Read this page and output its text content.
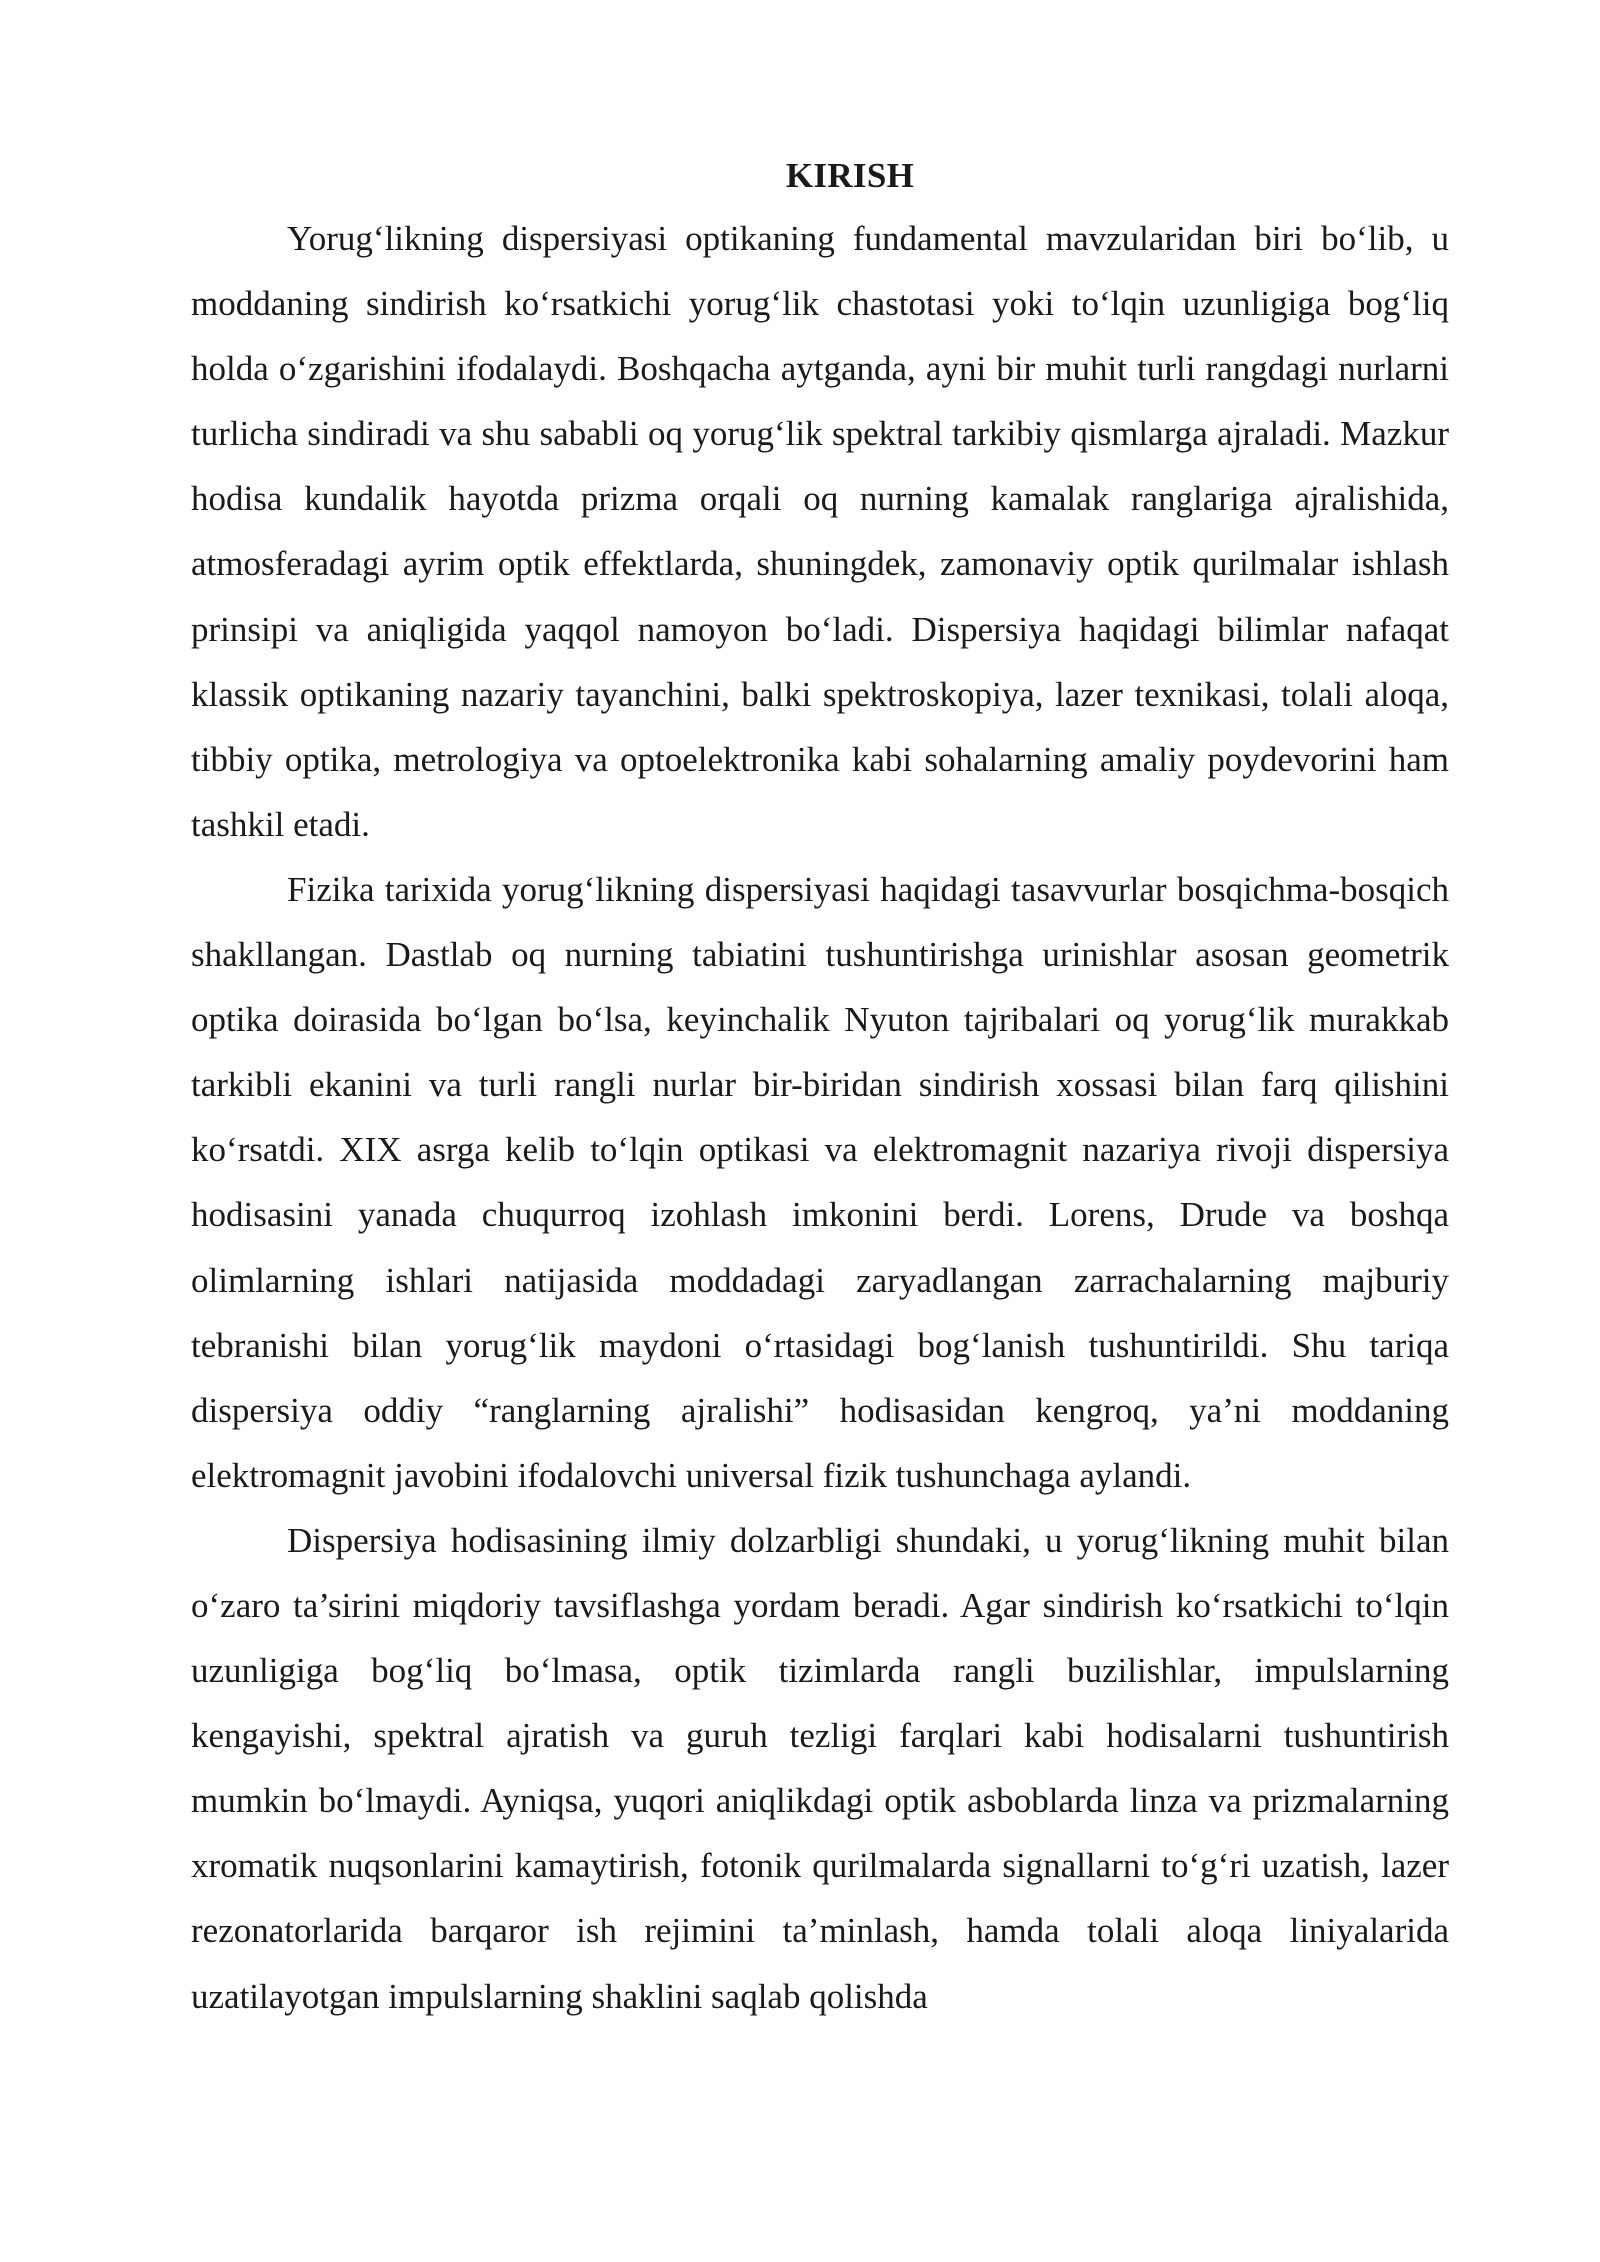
KIRISH

Yorug‘likning dispersiyasi optikaning fundamental mavzularidan biri bo‘lib, u moddaning sindirish ko‘rsatkichi yorug‘lik chastotasi yoki to‘lqin uzunligiga bog‘liq holda o‘zgarishini ifodalaydi. Boshqacha aytganda, ayni bir muhit turli rangdagi nurlarni turlicha sindiradi va shu sababli oq yorug‘lik spektral tarkibiy qismlarga ajraladi. Mazkur hodisa kundalik hayotda prizma orqali oq nurning kamalak ranglariga ajralishida, atmosferadagi ayrim optik effektlarda, shuningdek, zamonaviy optik qurilmalar ishlash prinsipi va aniqligida yaqqol namoyon bo‘ladi. Dispersiya haqidagi bilimlar nafaqat klassik optikaning nazariy tayanchini, balki spektroskopiya, lazer texnikasi, tolali aloqa, tibbiy optika, metrologiya va optoelektronika kabi sohalarning amaliy poydevorini ham tashkil etadi.

Fizika tarixida yorug‘likning dispersiyasi haqidagi tasavvurlar bosqichma-bosqich shakllangan. Dastlab oq nurning tabiatini tushuntirishga urinishlar asosan geometrik optika doirasida bo‘lgan bo‘lsa, keyinchalik Nyuton tajribalari oq yorug‘lik murakkab tarkibli ekanini va turli rangli nurlar bir-biridan sindirish xossasi bilan farq qilishini ko‘rsatdi. XIX asrga kelib to‘lqin optikasi va elektromagnit nazariya rivoji dispersiya hodisasini yanada chuqurroq izohlash imkonini berdi. Lorens, Drude va boshqa olimlarning ishlari natijasida moddadagi zaryadlangan zarrachalarning majburiy tebranishi bilan yorug‘lik maydoni o‘rtasidagi bog‘lanish tushuntirildi. Shu tariqa dispersiya oddiy “ranglarning ajralishi” hodisasidan kengroq, ya’ni moddaning elektromagnit javobini ifodalovchi universal fizik tushunchaga aylandi.

Dispersiya hodisasining ilmiy dolzarbligi shundaki, u yorug‘likning muhit bilan o‘zaro ta’sirini miqdoriy tavsiflashga yordam beradi. Agar sindirish ko‘rsatkichi to‘lqin uzunligiga bog‘liq bo‘lmasa, optik tizimlarda rangli buzilishlar, impulslarning kengayishi, spektral ajratish va guruh tezligi farqlari kabi hodisalarni tushuntirish mumkin bo‘lmaydi. Ayniqsa, yuqori aniqlikdagi optik asboblarda linza va prizmalarning xromatik nuqsonlarini kamaytirish, fotonik qurilmalarda signallarni to‘g‘ri uzatish, lazer rezonatorlarida barqaror ish rejimini ta’minlash, hamda tolali aloqa liniyalarida uzatilayotgan impulslarning shaklini saqlab qolishda
